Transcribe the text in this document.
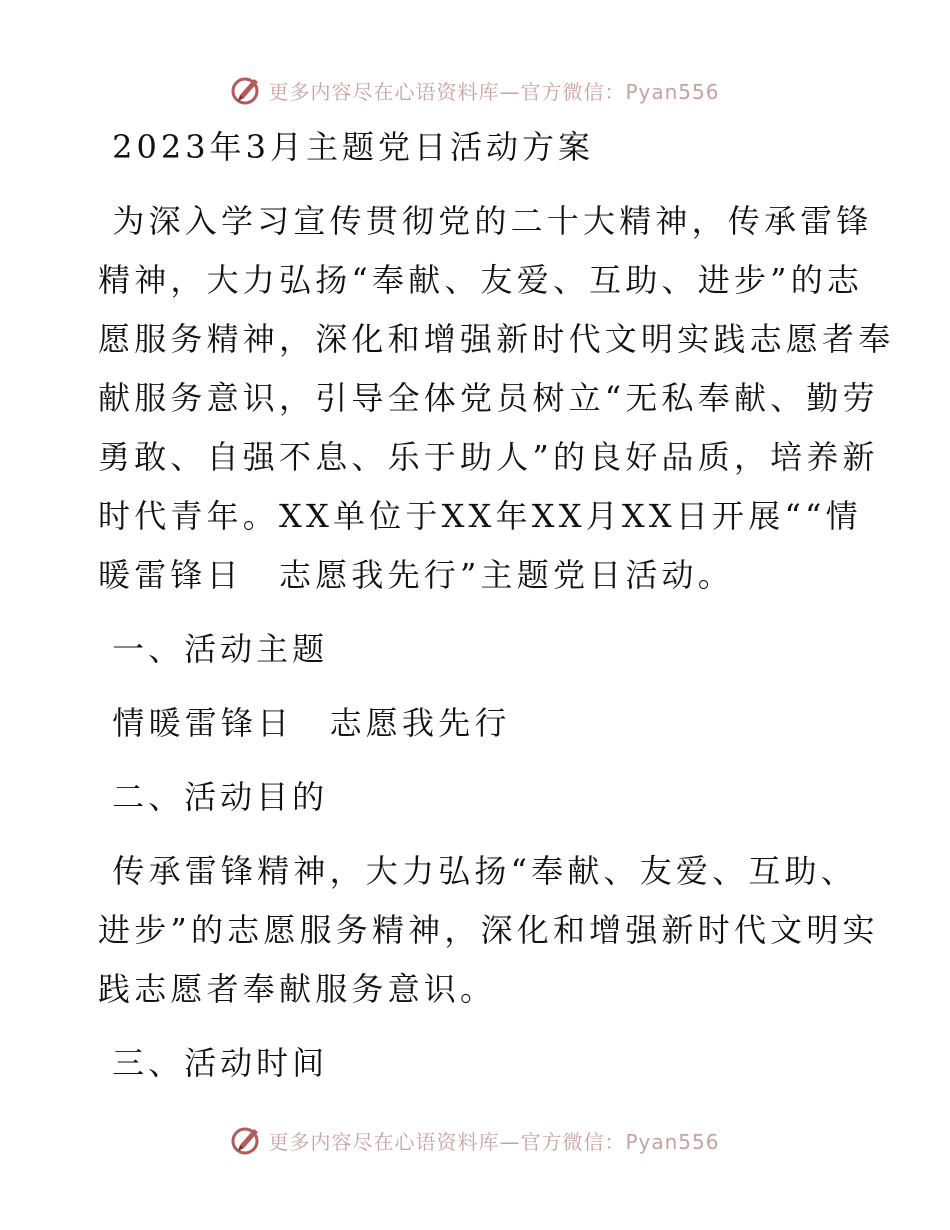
更多内容尽在心语资料库—官方微信：Pyan556
2023年3月主题党日活动方案
为深入学习宣传贯彻党的二十大精神，传承雷锋
精神，大力弘扬“奉献、友爱、互助、进步”的志
愿服务精神，深化和增强新时代文明实践志愿者奉
献服务意识，引导全体党员树立“无私奉献、勤劳
勇敢、自强不息、乐于助人”的良好品质，培养新
时代青年。XX单位于XX年XX月XX日开展““情
暖雷锋日　志愿我先行”主题党日活动。
一、活动主题
情暖雷锋日　志愿我先行
二、活动目的
传承雷锋精神，大力弘扬“奉献、友爱、互助、
进步”的志愿服务精神，深化和增强新时代文明实
践志愿者奉献服务意识。
三、活动时间
更多内容尽在心语资料库—官方微信：Pyan556
